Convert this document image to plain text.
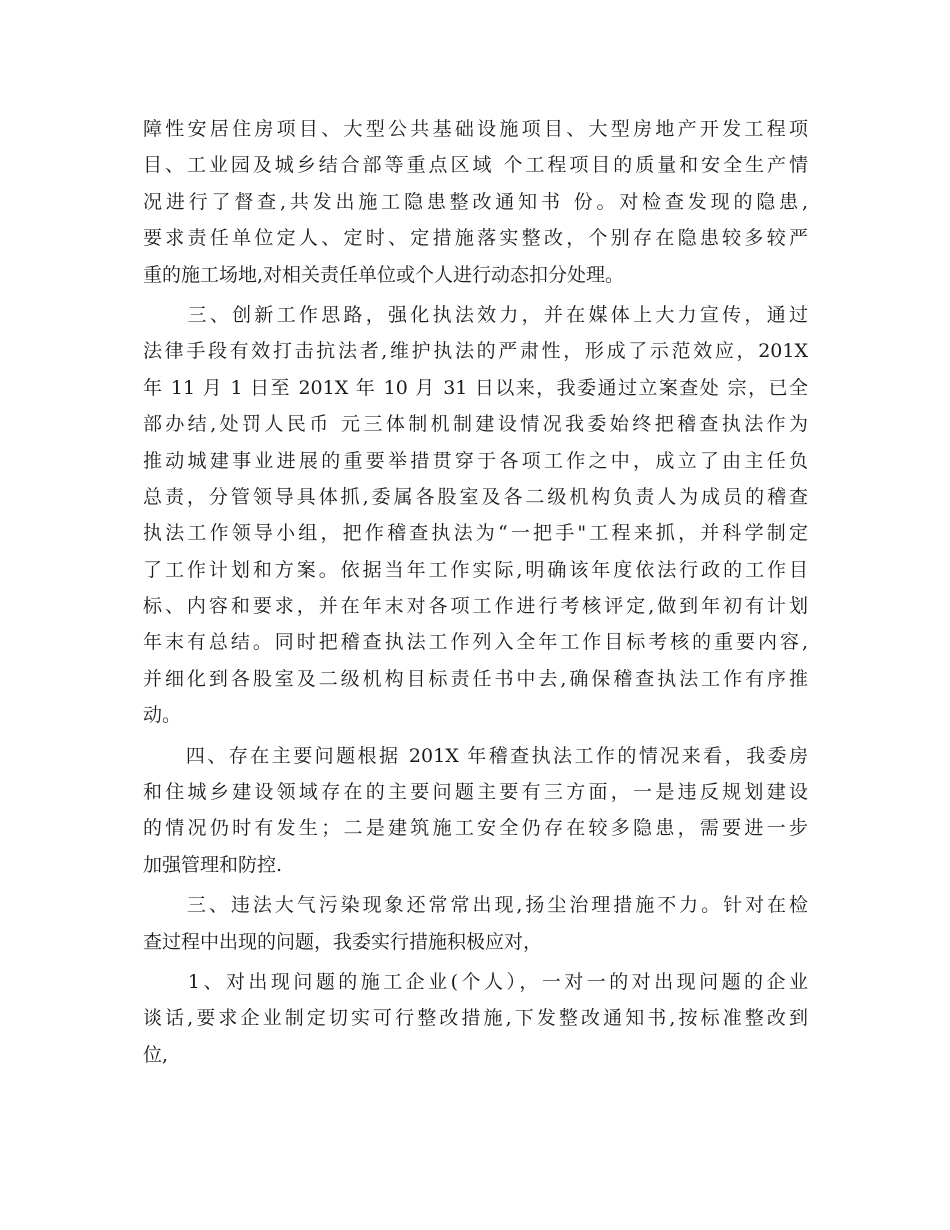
障性安居住房项目、大型公共基础设施项目、大型房地产开发工程项
目、工业园及城乡结合部等重点区域 个工程项目的质量和安全生产情
况进行了督查,共发出施工隐患整改通知书 份。对检查发现的隐患,
要求责任单位定人、定时、定措施落实整改，个别存在隐患较多较严
重的施工场地,对相关责任单位或个人进行动态扣分处理。
　　三、创新工作思路，强化执法效力，并在媒体上大力宣传，通过
法律手段有效打击抗法者,维护执法的严肃性，形成了示范效应，201X
年 11 月 1 日至 201X 年 10 月 31 日以来，我委通过立案查处 宗，已全
部办结,处罚人民币 元三体制机制建设情况我委始终把稽查执法作为
推动城建事业进展的重要举措贯穿于各项工作之中，成立了由主任负
总责，分管领导具体抓,委属各股室及各二级机构负责人为成员的稽查
执法工作领导小组，把作稽查执法为“一把手"工程来抓，并科学制定
了工作计划和方案。依据当年工作实际,明确该年度依法行政的工作目
标、内容和要求，并在年末对各项工作进行考核评定,做到年初有计划
年末有总结。同时把稽查执法工作列入全年工作目标考核的重要内容,
并细化到各股室及二级机构目标责任书中去,确保稽查执法工作有序推
动。
　　四、存在主要问题根据 201X 年稽查执法工作的情况来看，我委房
和住城乡建设领域存在的主要问题主要有三方面，一是违反规划建设
的情况仍时有发生；二是建筑施工安全仍存在较多隐患，需要进一步
加强管理和防控.
　　三、违法大气污染现象还常常出现,扬尘治理措施不力。针对在检
查过程中出现的问题，我委实行措施积极应对，
　　1、对出现问题的施工企业(个人），一对一的对出现问题的企业
谈话,要求企业制定切实可行整改措施,下发整改通知书,按标准整改到
位,
